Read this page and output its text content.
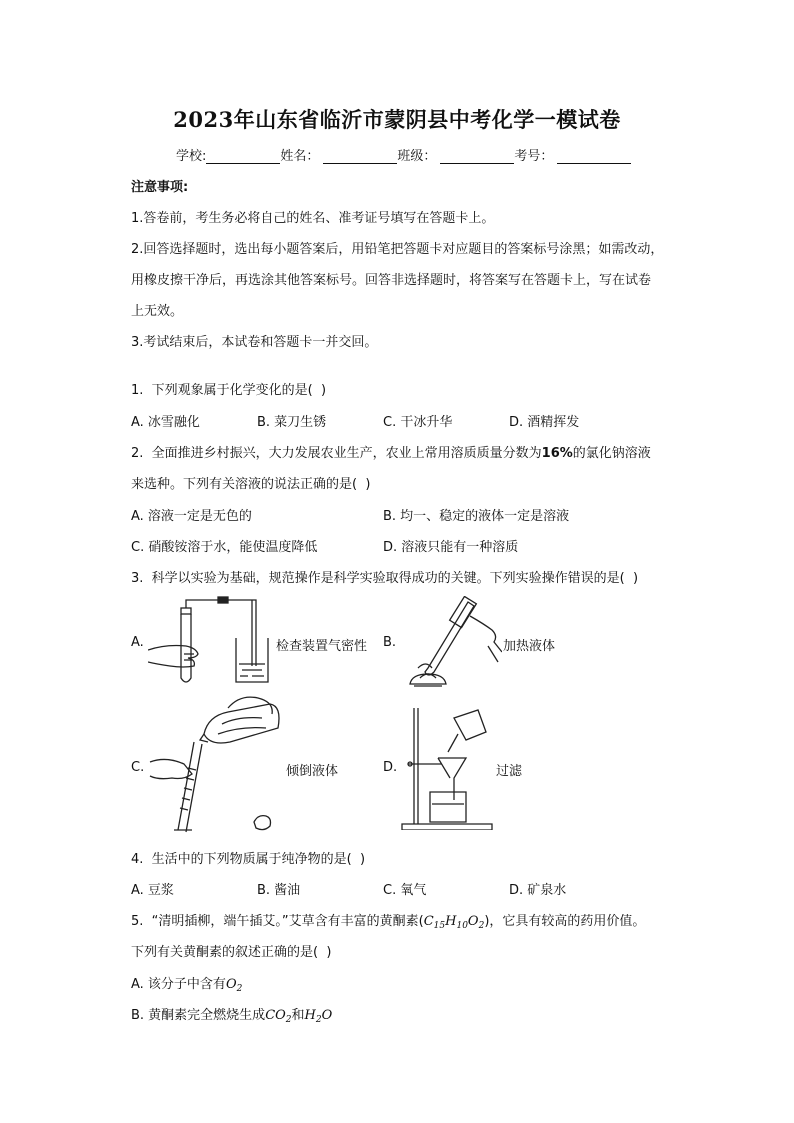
2023年山东省临沂市蒙阴县中考化学一模试卷
学校:	姓名：	班级：	考号：
注意事项:
1.答卷前，考生务必将自己的姓名、准考证号填写在答题卡上。
2.回答选择题时，选出每小题答案后，用铅笔把答题卡对应题目的答案标号涂黑；如需改动，
用橡皮擦干净后，再选涂其他答案标号。回答非选择题时，将答案写在答题卡上，写在试卷
上无效。
3.考试结束后，本试卷和答题卡一并交回。
1.  下列观象属于化学变化的是(  )
A. 冰雪融化	B. 菜刀生锈	C. 干冰升华	D. 酒精挥发
2.  全面推进乡村振兴，大力发展农业生产，农业上常用溶质质量分数为16%的氯化钠溶液
来选种。下列有关溶液的说法正确的是(  )
A. 溶液一定是无色的	B. 均一、稳定的液体一定是溶液
C. 硝酸铵溶于水，能使温度降低	D. 溶液只能有一种溶质
3.  科学以实验为基础，规范操作是科学实验取得成功的关键。下列实验操作错误的是(  )
A.	检查装置气密性 B.	加热液体
C.	倾倒液体	D.	过滤
4.  生活中的下列物质属于纯净物的是(  )
A. 豆浆	B. 酱油	C. 氧气	D. 矿泉水
5.  “清明插柳，端午插艾。”艾草含有丰富的黄酮素$(C_{15}H_{10}O_2)$，它具有较高的药用价值。
下列有关黄酮素的叙述正确的是(  )
A. 该分子中含有$O_2$
B. 黄酮素完全燃烧生成$CO_2$和$H_2O$
